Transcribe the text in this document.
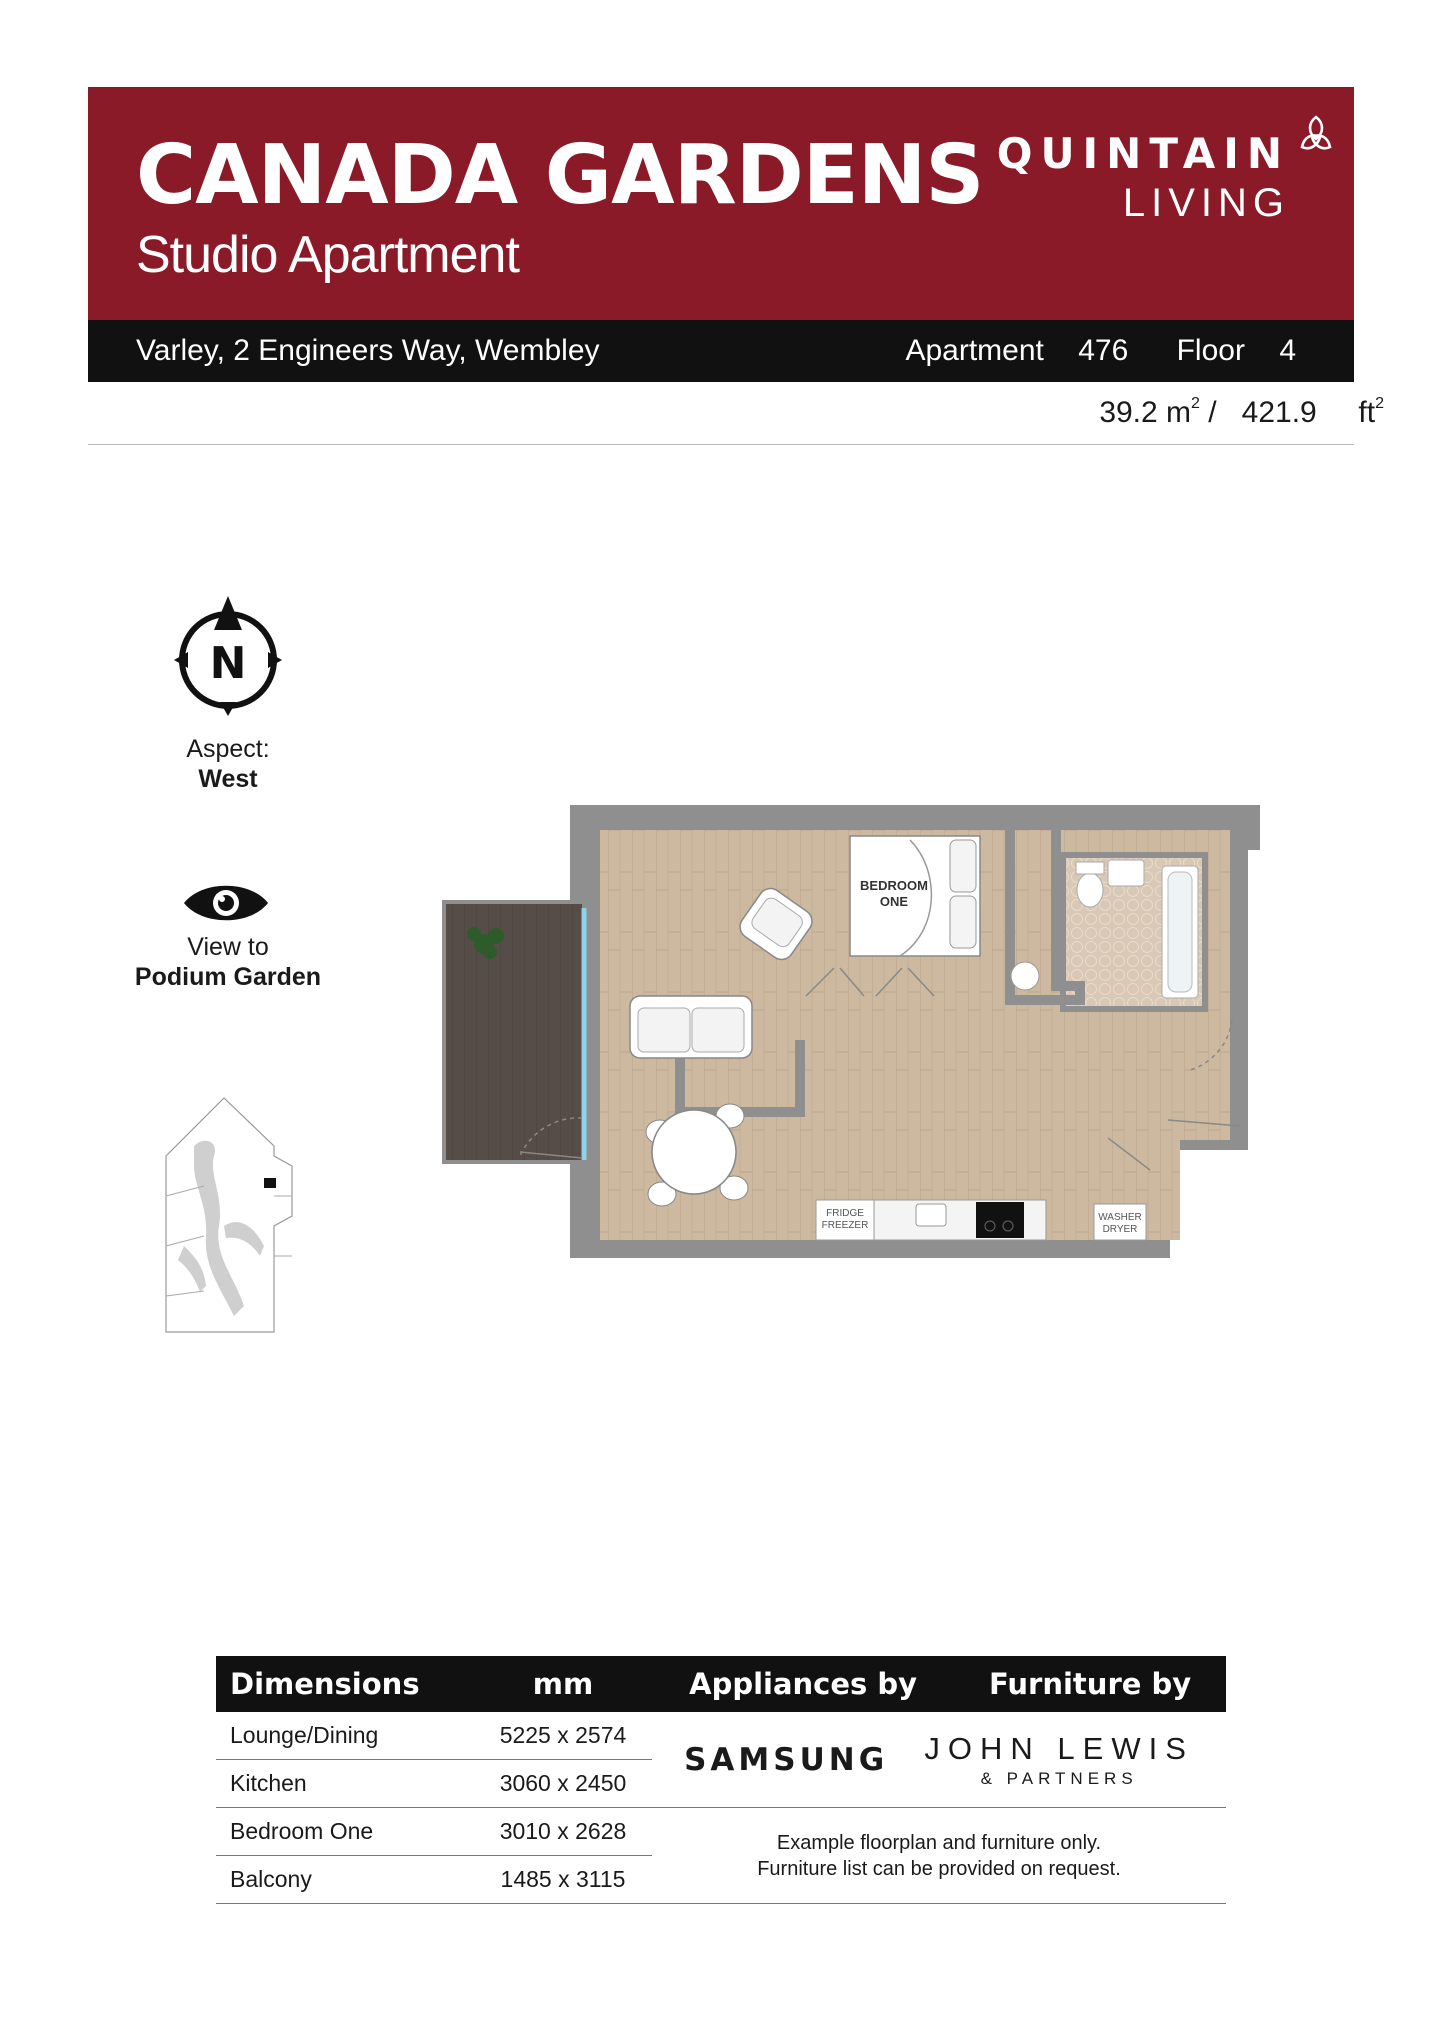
CANADA GARDENS
Studio Apartment
QUINTAIN
LIVING
Varley, 2 Engineers Way, Wembley	Apartment 476 Floor 4
39.2 $m^2 / 421.9$ $ft^2$
N
Aspect:
West
View to
Podium Garden
BEDROOM
ONE
FRIDGE
FREEZER
WASHER
DRYER
Dimensions	mm	Appliances by	Furniture by
Lounge/Dining	5225 x 2574	SAMSUNG JOHN LEWIS
& PARTNERS	

Kitchen	3060 x 2450		
Bedroom One	3010 x 2628	Example floorplan and furniture only.
Furniture list can be provided on request.	

Balcony	1485 x 3115		
